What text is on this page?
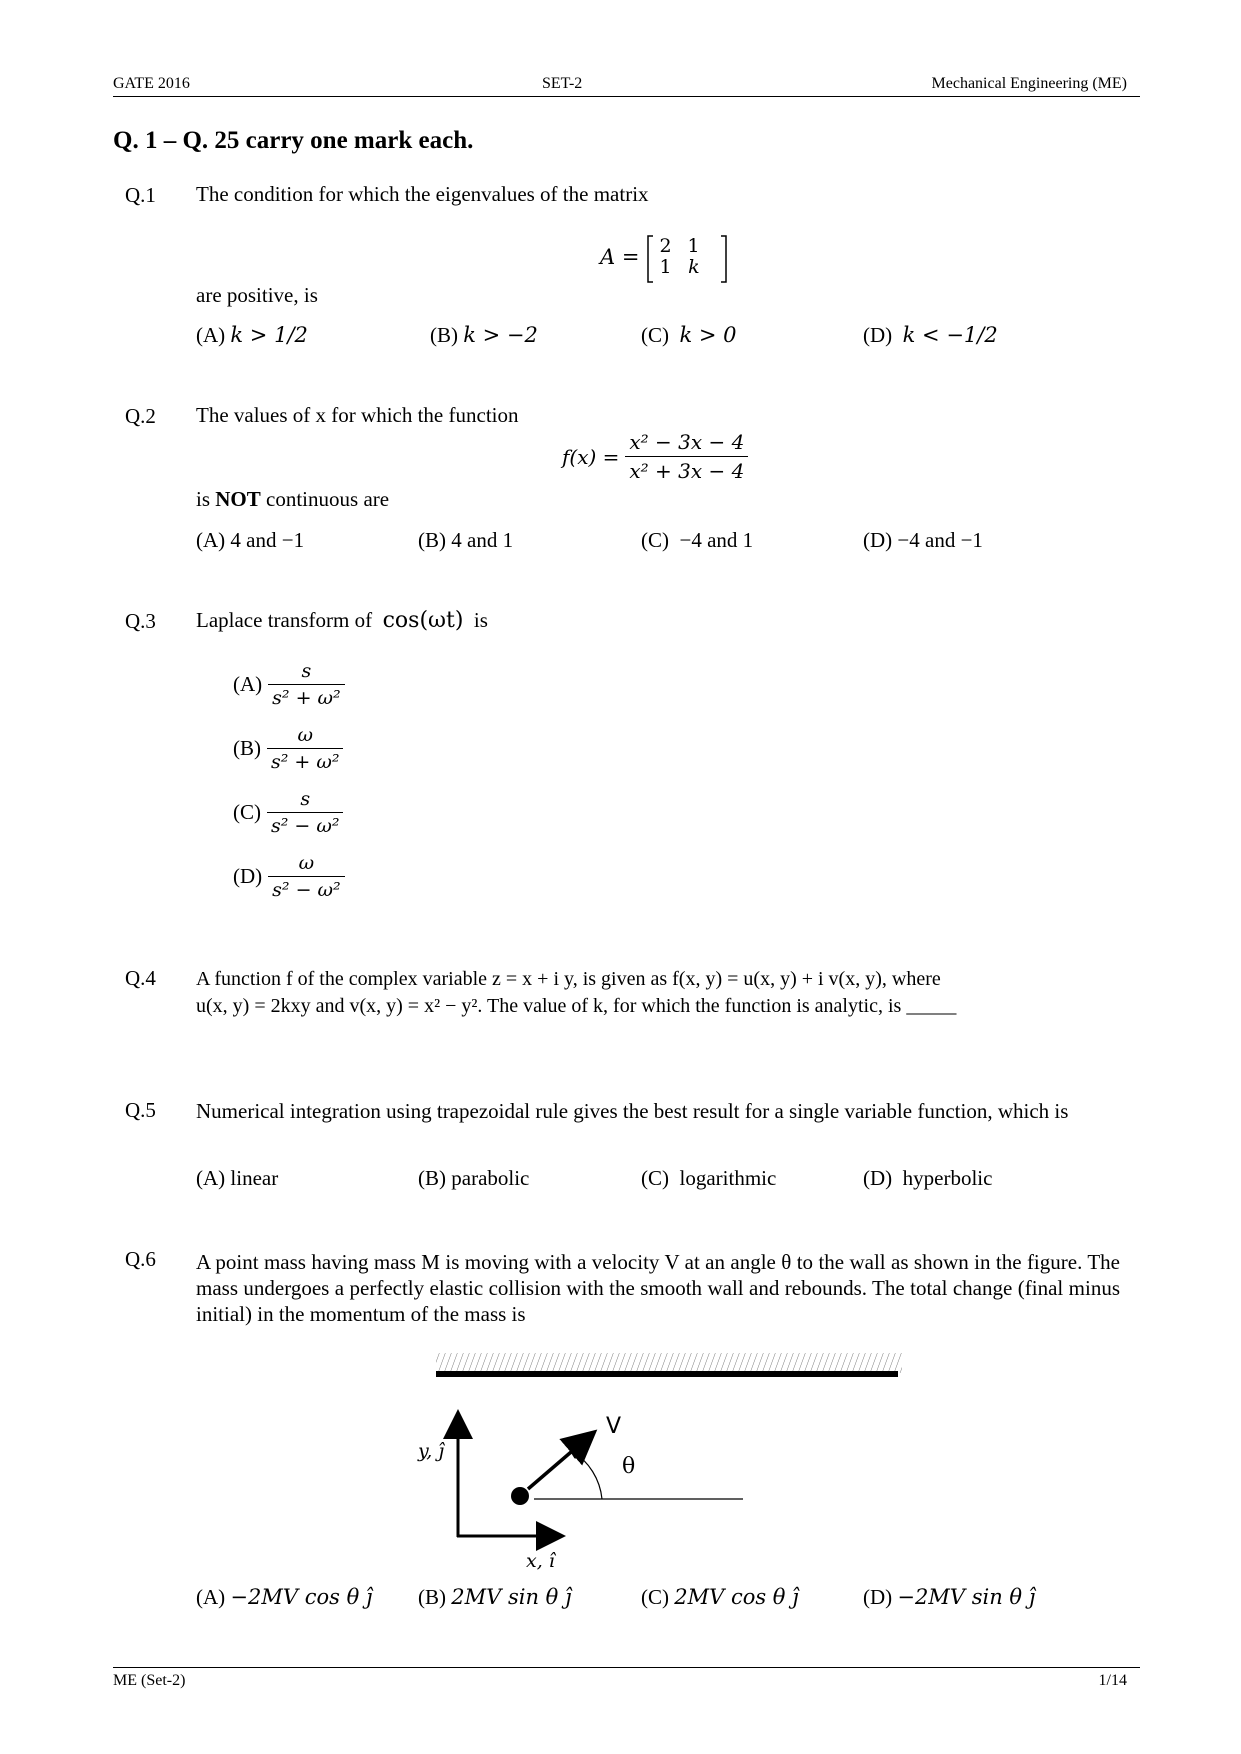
GATE 2016	SET-2	Mechanical Engineering (ME)
Q. 1 – Q. 25 carry one mark each.
Q.1 The condition for which the eigenvalues of the matrix
A = 2	1
1	k
are positive, is
(A) k > 1/2	(B) k > −2	(C) k > 0	(D) k < −1/2
Q.2 The values of x for which the function
$f(x) = \frac{\text{x² − 3x − 4}}{\text{x² + 3x − 4}}$
is NOT continuous are
(A) 4 and −1	(B) 4 and 1	(C) −4 and 1	(D) −4 and −1
Q.3 Laplace transform of cos(ωt) is
$(A) \frac{s}{\text{s² + ω²}}$
$(B) \frac{\omega}{\text{s² + ω²}}$
$(C) \frac{s}{\text{s² − ω²}}$
$(D) \frac{\omega}{\text{s² − ω²}}$
Q.4 A function f of the complex variable z = x + i y, is given as f(x, y) = u(x, y) + i v(x, y), where
u(x, y) = 2kxy and v(x, y) = x² − y². The value of k, for which the function is analytic, is _____
Q.5 Numerical integration using trapezoidal rule gives the best result for a single variable function, which is
(A) linear	(B) parabolic	(C) logarithmic	(D) hyperbolic
Q.6 A point mass having mass M is moving with a velocity V at an angle θ to the wall as shown in the figure. The mass undergoes a perfectly elastic collision with the smooth wall and rebounds. The total change (final minus initial) in the momentum of the mass is
V
θ
y, ĵ
x, î
(A) −2MV cos θ ĵ (B) 2MV sin θ ĵ	(C) 2MV cos θ ĵ	(D) −2MV sin θ ĵ
ME (Set-2)	1/14
